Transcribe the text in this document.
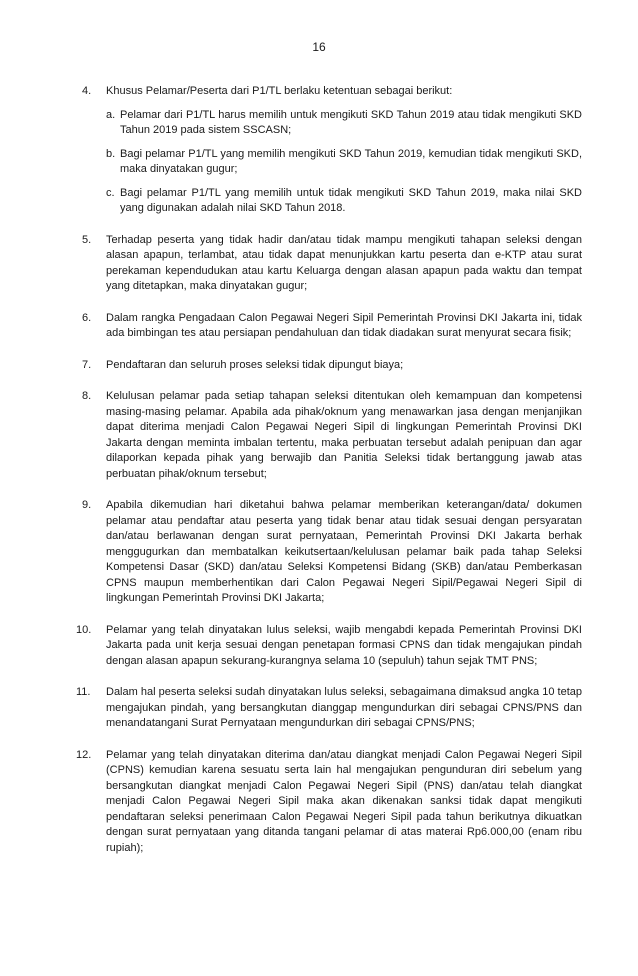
16
4. Khusus Pelamar/Peserta dari P1/TL berlaku ketentuan sebagai berikut:
a. Pelamar dari P1/TL harus memilih untuk mengikuti SKD Tahun 2019 atau tidak mengikuti SKD Tahun 2019 pada sistem SSCASN;
b. Bagi pelamar P1/TL yang memilih mengikuti SKD Tahun 2019, kemudian tidak mengikuti SKD, maka dinyatakan gugur;
c. Bagi pelamar P1/TL yang memilih untuk tidak mengikuti SKD Tahun 2019, maka nilai SKD yang digunakan adalah nilai SKD Tahun 2018.
5. Terhadap peserta yang tidak hadir dan/atau tidak mampu mengikuti tahapan seleksi dengan alasan apapun, terlambat, atau tidak dapat menunjukkan kartu peserta dan e-KTP atau surat perekaman kependudukan atau kartu Keluarga dengan alasan apapun pada waktu dan tempat yang ditetapkan, maka dinyatakan gugur;
6. Dalam rangka Pengadaan Calon Pegawai Negeri Sipil Pemerintah Provinsi DKI Jakarta ini, tidak ada bimbingan tes atau persiapan pendahuluan dan tidak diadakan surat menyurat secara fisik;
7. Pendaftaran dan seluruh proses seleksi tidak dipungut biaya;
8. Kelulusan pelamar pada setiap tahapan seleksi ditentukan oleh kemampuan dan kompetensi masing-masing pelamar. Apabila ada pihak/oknum yang menawarkan jasa dengan menjanjikan dapat diterima menjadi Calon Pegawai Negeri Sipil di lingkungan Pemerintah Provinsi DKI Jakarta dengan meminta imbalan tertentu, maka perbuatan tersebut adalah penipuan dan agar dilaporkan kepada pihak yang berwajib dan Panitia Seleksi tidak bertanggung jawab atas perbuatan pihak/oknum tersebut;
9. Apabila dikemudian hari diketahui bahwa pelamar memberikan keterangan/data/ dokumen pelamar atau pendaftar atau peserta yang tidak benar atau tidak sesuai dengan persyaratan dan/atau berlawanan dengan surat pernyataan, Pemerintah Provinsi DKI Jakarta berhak menggugurkan dan membatalkan keikutsertaan/kelulusan pelamar baik pada tahap Seleksi Kompetensi Dasar (SKD) dan/atau Seleksi Kompetensi Bidang (SKB) dan/atau Pemberkasan CPNS maupun memberhentikan dari Calon Pegawai Negeri Sipil/Pegawai Negeri Sipil di lingkungan Pemerintah Provinsi DKI Jakarta;
10. Pelamar yang telah dinyatakan lulus seleksi, wajib mengabdi kepada Pemerintah Provinsi DKI Jakarta pada unit kerja sesuai dengan penetapan formasi CPNS dan tidak mengajukan pindah dengan alasan apapun sekurang-kurangnya selama 10 (sepuluh) tahun sejak TMT PNS;
11. Dalam hal peserta seleksi sudah dinyatakan lulus seleksi, sebagaimana dimaksud angka 10 tetap mengajukan pindah, yang bersangkutan dianggap mengundurkan diri sebagai CPNS/PNS dan menandatangani Surat Pernyataan mengundurkan diri sebagai CPNS/PNS;
12. Pelamar yang telah dinyatakan diterima dan/atau diangkat menjadi Calon Pegawai Negeri Sipil (CPNS) kemudian karena sesuatu serta lain hal mengajukan pengunduran diri sebelum yang bersangkutan diangkat menjadi Calon Pegawai Negeri Sipil (PNS) dan/atau telah diangkat menjadi Calon Pegawai Negeri Sipil maka akan dikenakan sanksi tidak dapat mengikuti pendaftaran seleksi penerimaan Calon Pegawai Negeri Sipil pada tahun berikutnya dikuatkan dengan surat pernyataan yang ditanda tangani pelamar di atas materai Rp6.000,00 (enam ribu rupiah);
